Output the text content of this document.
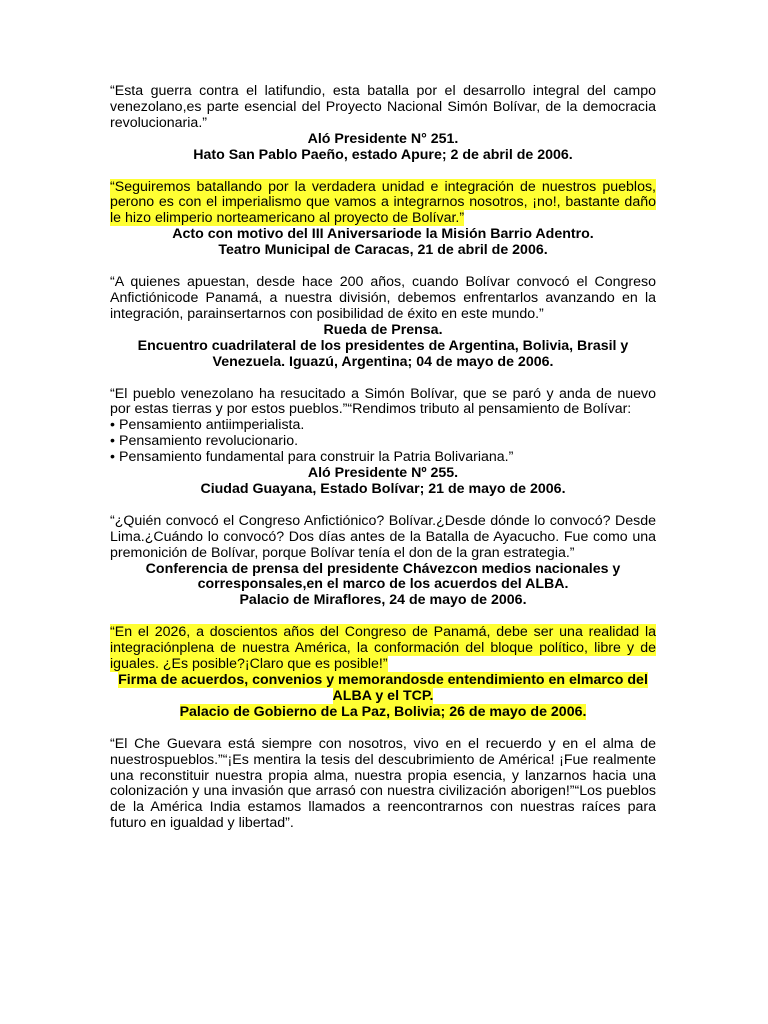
“Esta guerra contra el latifundio, esta batalla por el desarrollo integral del campo venezolano,es parte esencial del Proyecto Nacional Simón Bolívar, de la democracia revolucionaria.”

Aló Presidente N° 251.

Hato San Pablo Paeño, estado Apure; 2 de abril de 2006.

“Seguiremos batallando por la verdadera unidad e integración de nuestros pueblos, perono es con el imperialismo que vamos a integrarnos nosotros, ¡no!, bastante daño le hizo elimperio norteamericano al proyecto de Bolívar.”

Acto con motivo del III Aniversariode la Misión Barrio Adentro.

Teatro Municipal de Caracas, 21 de abril de 2006.

“A quienes apuestan, desde hace 200 años, cuando Bolívar convocó el Congreso Anfictiónicode Panamá, a nuestra división, debemos enfrentarlos avanzando en la integración, parainsertarnos con posibilidad de éxito en este mundo.”

Rueda de Prensa.

Encuentro cuadrilateral de los presidentes de Argentina, Bolivia, Brasil y Venezuela. Iguazú, Argentina; 04 de mayo de 2006.

“El pueblo venezolano ha resucitado a Simón Bolívar, que se paró y anda de nuevo por estas tierras y por estos pueblos.”“Rendimos tributo al pensamiento de Bolívar:

• Pensamiento antiimperialista.
• Pensamiento revolucionario.
• Pensamiento fundamental para construir la Patria Bolivariana.”

Aló Presidente Nº 255.

Ciudad Guayana, Estado Bolívar; 21 de mayo de 2006.

“¿Quién convocó el Congreso Anfictiónico? Bolívar.¿Desde dónde lo convocó? Desde Lima.¿Cuándo lo convocó? Dos días antes de la Batalla de Ayacucho. Fue como una premonición de Bolívar, porque Bolívar tenía el don de la gran estrategia.”

Conferencia de prensa del presidente Chávezcon medios nacionales y corresponsales,en el marco de los acuerdos del ALBA.

Palacio de Miraflores, 24 de mayo de 2006.

“En el 2026, a doscientos años del Congreso de Panamá, debe ser una realidad la integraciónplena de nuestra América, la conformación del bloque político, libre y de iguales. ¿Es posible?¡Claro que es posible!”

Firma de acuerdos, convenios y memorandosde entendimiento en elmarco del ALBA y el TCP.

Palacio de Gobierno de La Paz, Bolivia; 26 de mayo de 2006.

“El Che Guevara está siempre con nosotros, vivo en el recuerdo y en el alma de nuestrospueblos.”“¡Es mentira la tesis del descubrimiento de América! ¡Fue realmente una reconstituir nuestra propia alma, nuestra propia esencia, y lanzarnos hacia una colonización y una invasión que arrasó con nuestra civilización aborigen!”“Los pueblos de la América India estamos llamados a reencontrarnos con nuestras raíces para futuro en igualdad y libertad”.
